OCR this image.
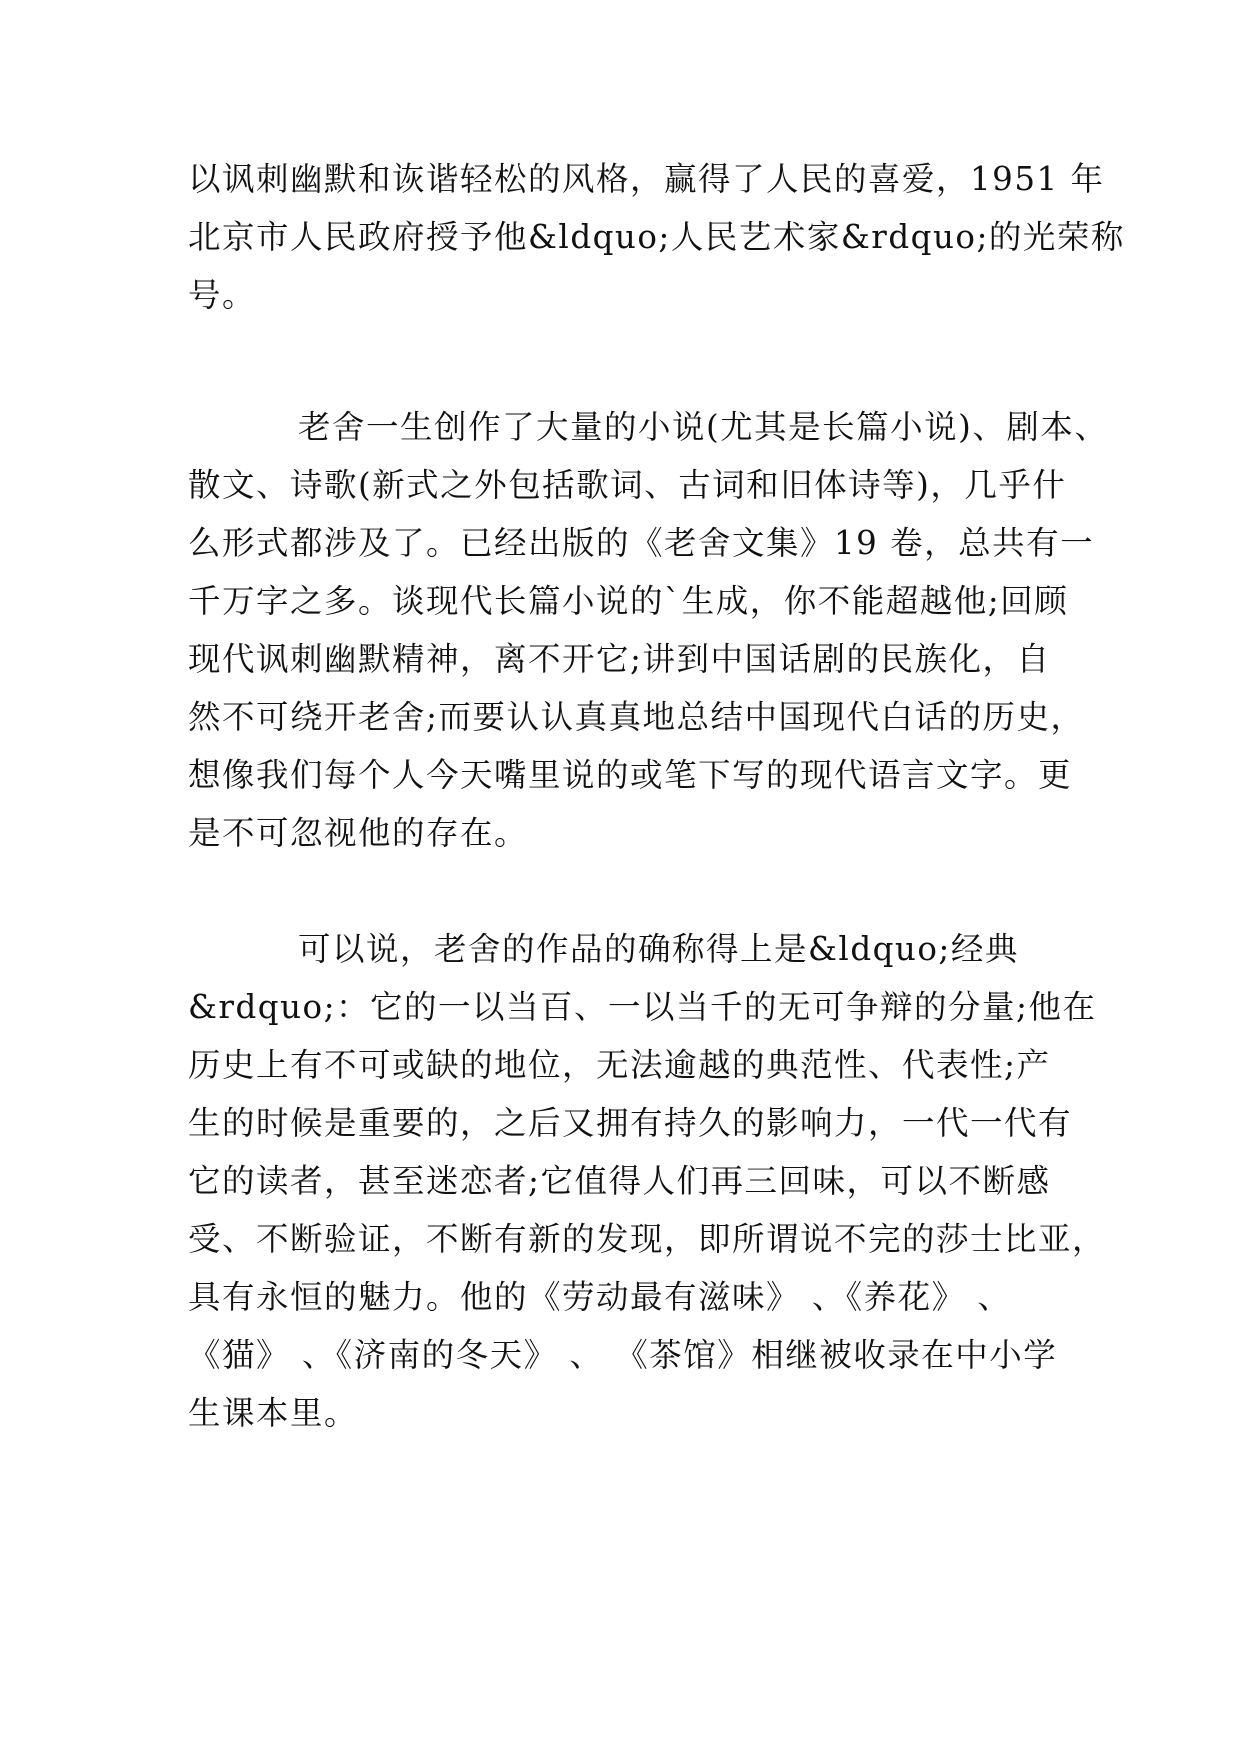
以讽刺幽默和诙谐轻松的风格，赢得了人民的喜爱，1951 年
北京市人民政府授予他&ldquo;人民艺术家&rdquo;的光荣称
号。
老舍一生创作了大量的小说(尤其是长篇小说)、剧本、
散文、诗歌(新式之外包括歌词、古词和旧体诗等)，几乎什
么形式都涉及了。已经出版的《老舍文集》19 卷，总共有一
千万字之多。谈现代长篇小说的`生成，你不能超越他;回顾
现代讽刺幽默精神，离不开它;讲到中国话剧的民族化，自
然不可绕开老舍;而要认认真真地总结中国现代白话的历史，
想像我们每个人今天嘴里说的或笔下写的现代语言文字。更
是不可忽视他的存在。
可以说，老舍的作品的确称得上是&ldquo;经典
&rdquo;：它的一以当百、一以当千的无可争辩的分量;他在
历史上有不可或缺的地位，无法逾越的典范性、代表性;产
生的时候是重要的，之后又拥有持久的影响力，一代一代有
它的读者，甚至迷恋者;它值得人们再三回味，可以不断感
受、不断验证，不断有新的发现，即所谓说不完的莎士比亚，
具有永恒的魅力。他的《劳动最有滋味》 、《养花》 、
《猫》 、《济南的冬天》 、 《茶馆》相继被收录在中小学
生课本里。
